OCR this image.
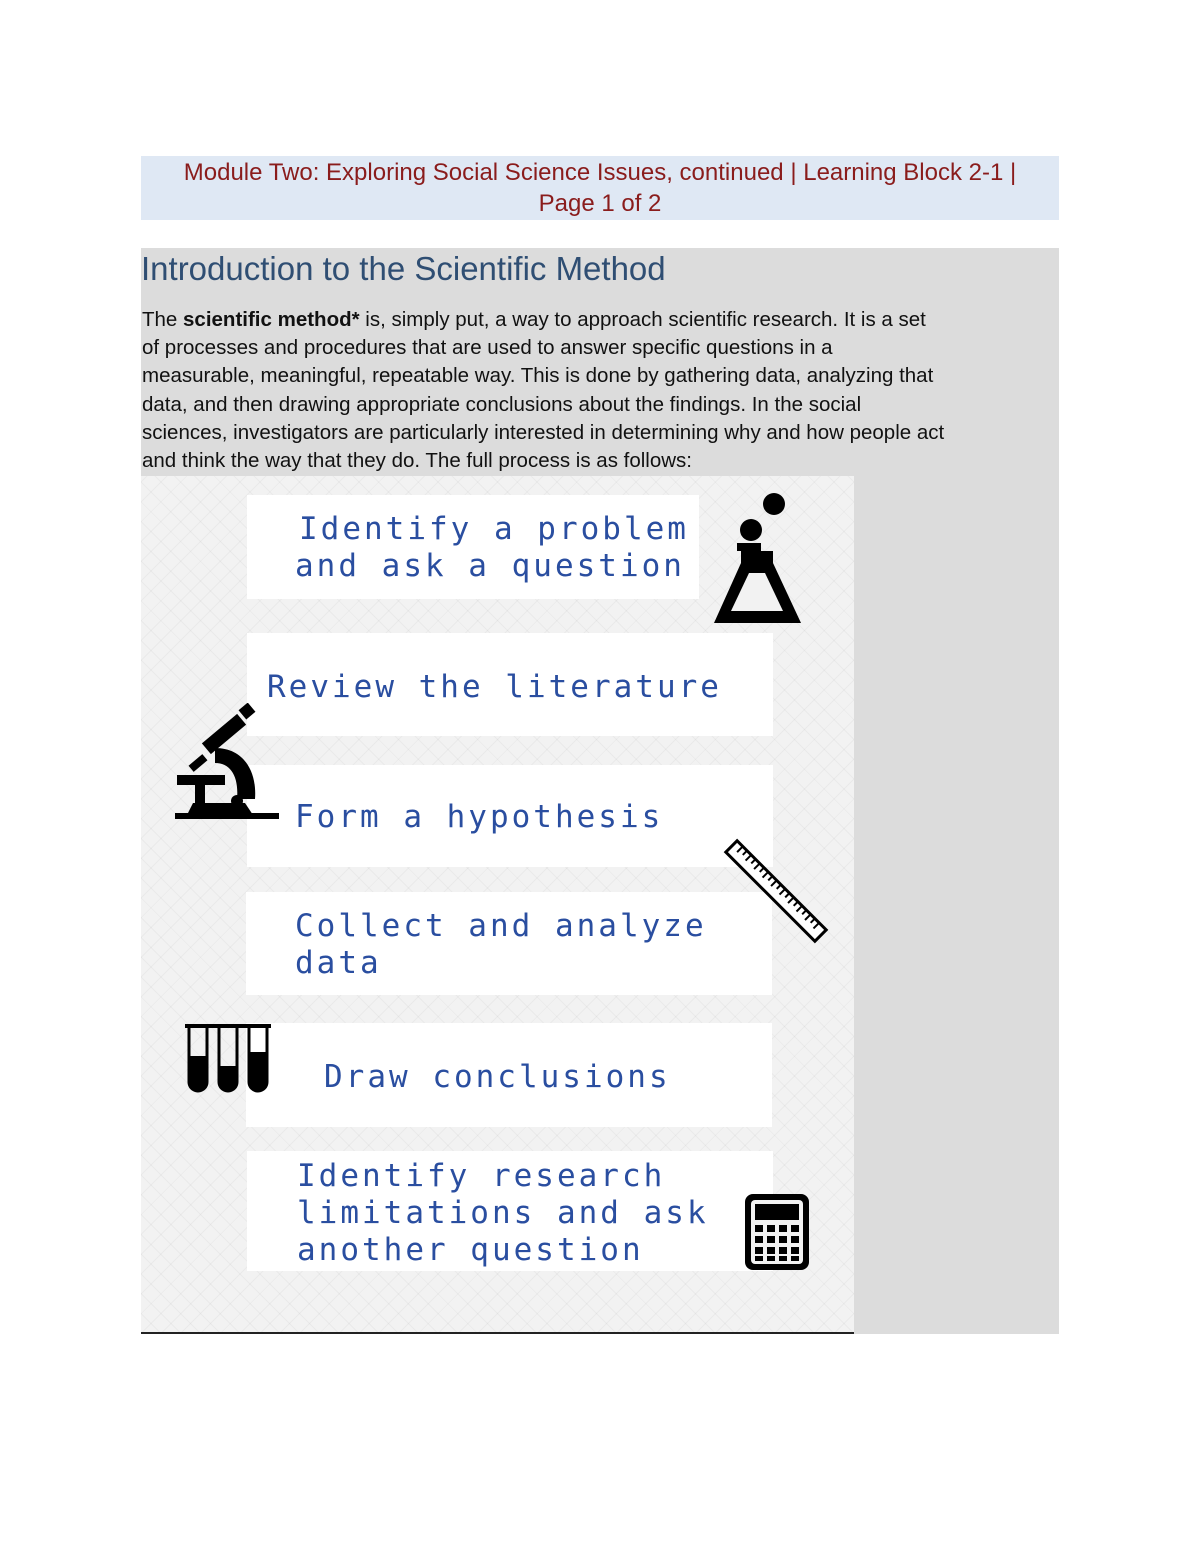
Module Two: Exploring Social Science Issues, continued | Learning Block 2-1 |
Page 1 of 2
Introduction to the Scientific Method

The scientific method* is, simply put, a way to approach scientific research. It is a set

of processes and procedures that are used to answer specific questions in a

measurable, meaningful, repeatable way. This is done by gathering data, analyzing that

data, and then drawing appropriate conclusions about the findings. In the social

sciences, investigators are particularly interested in determining why and how people act

and think the way that they do. The full process is as follows:

Identify a problem
and ask a question
Review the literature
Form a hypothesis
Collect and analyze
data
Draw conclusions
Identify research
limitations and ask
another question
